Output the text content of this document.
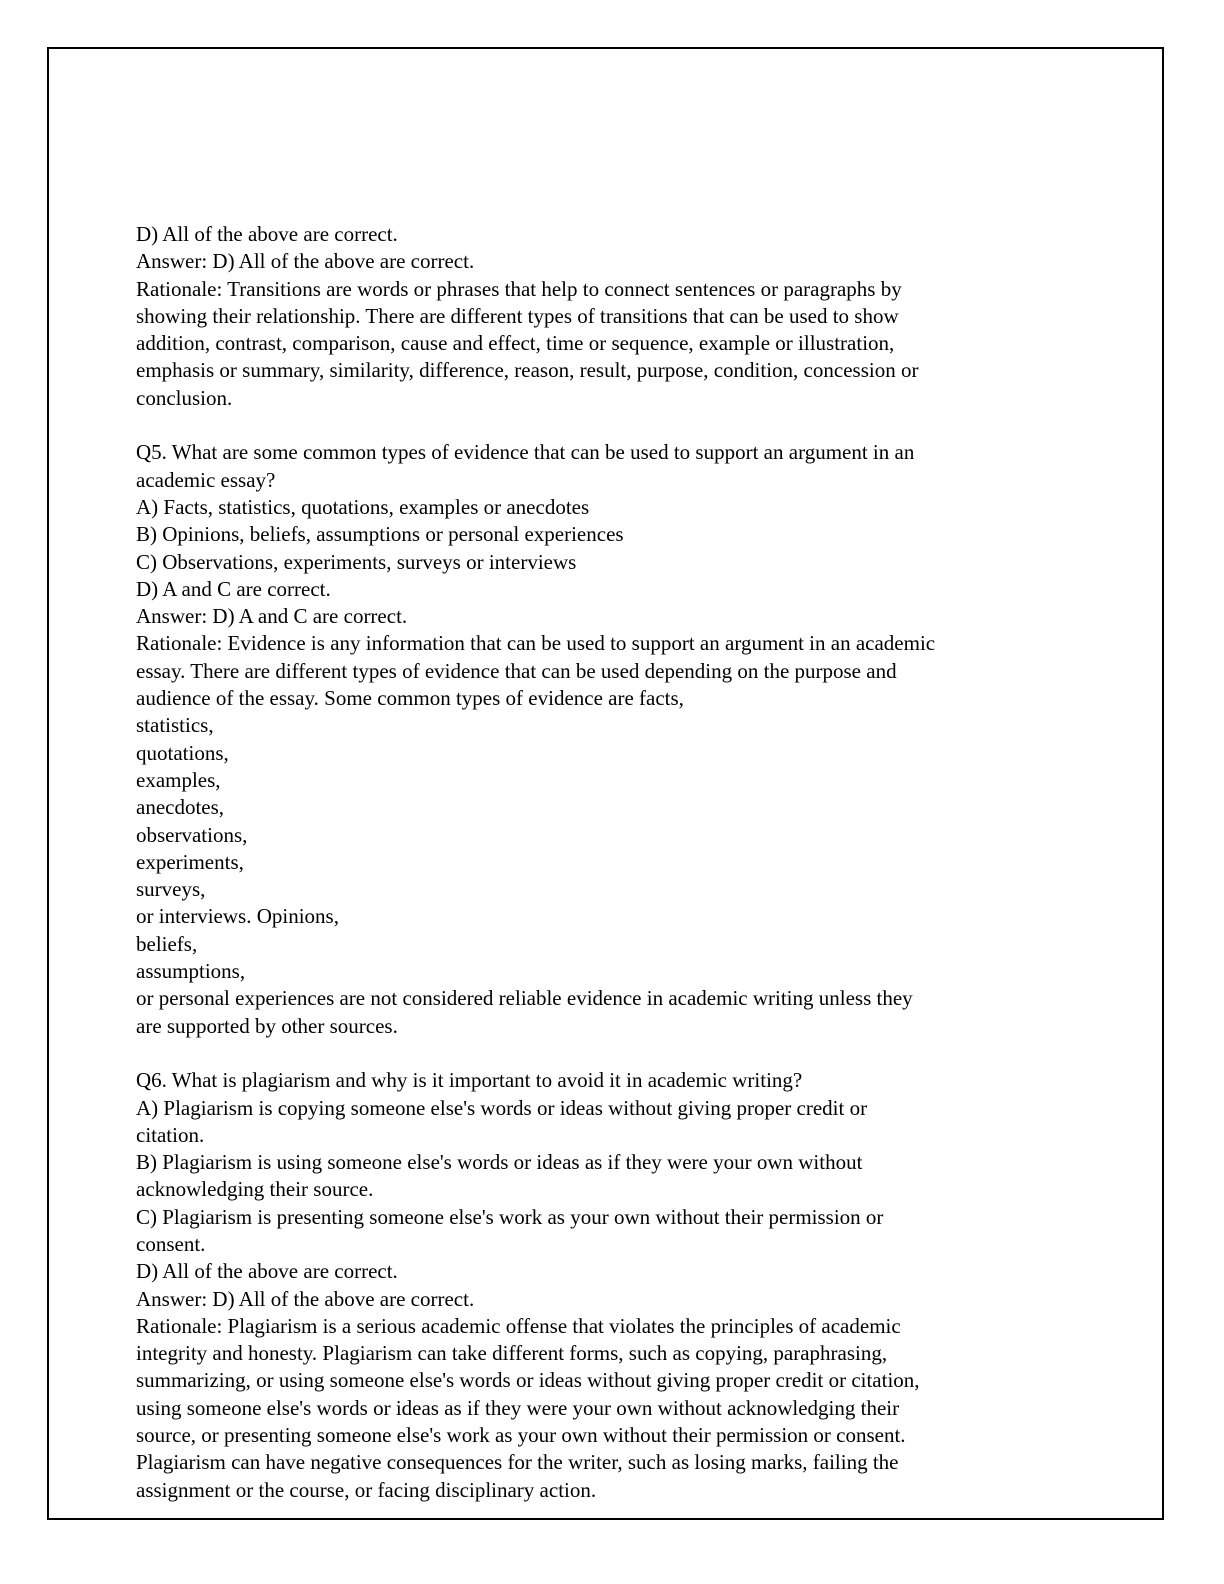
D) All of the above are correct.
Answer: D) All of the above are correct.
Rationale: Transitions are words or phrases that help to connect sentences or paragraphs by
showing their relationship. There are different types of transitions that can be used to show
addition, contrast, comparison, cause and effect, time or sequence, example or illustration,
emphasis or summary, similarity, difference, reason, result, purpose, condition, concession or
conclusion.
Q5. What are some common types of evidence that can be used to support an argument in an
academic essay?
A) Facts, statistics, quotations, examples or anecdotes
B) Opinions, beliefs, assumptions or personal experiences
C) Observations, experiments, surveys or interviews
D) A and C are correct.
Answer: D) A and C are correct.
Rationale: Evidence is any information that can be used to support an argument in an academic
essay. There are different types of evidence that can be used depending on the purpose and
audience of the essay. Some common types of evidence are facts,
statistics,
quotations,
examples,
anecdotes,
observations,
experiments,
surveys,
or interviews. Opinions,
beliefs,
assumptions,
or personal experiences are not considered reliable evidence in academic writing unless they
are supported by other sources.
Q6. What is plagiarism and why is it important to avoid it in academic writing?
A) Plagiarism is copying someone else's words or ideas without giving proper credit or
citation.
B) Plagiarism is using someone else's words or ideas as if they were your own without
acknowledging their source.
C) Plagiarism is presenting someone else's work as your own without their permission or
consent.
D) All of the above are correct.
Answer: D) All of the above are correct.
Rationale: Plagiarism is a serious academic offense that violates the principles of academic
integrity and honesty. Plagiarism can take different forms, such as copying, paraphrasing,
summarizing, or using someone else's words or ideas without giving proper credit or citation,
using someone else's words or ideas as if they were your own without acknowledging their
source, or presenting someone else's work as your own without their permission or consent.
Plagiarism can have negative consequences for the writer, such as losing marks, failing the
assignment or the course, or facing disciplinary action.
